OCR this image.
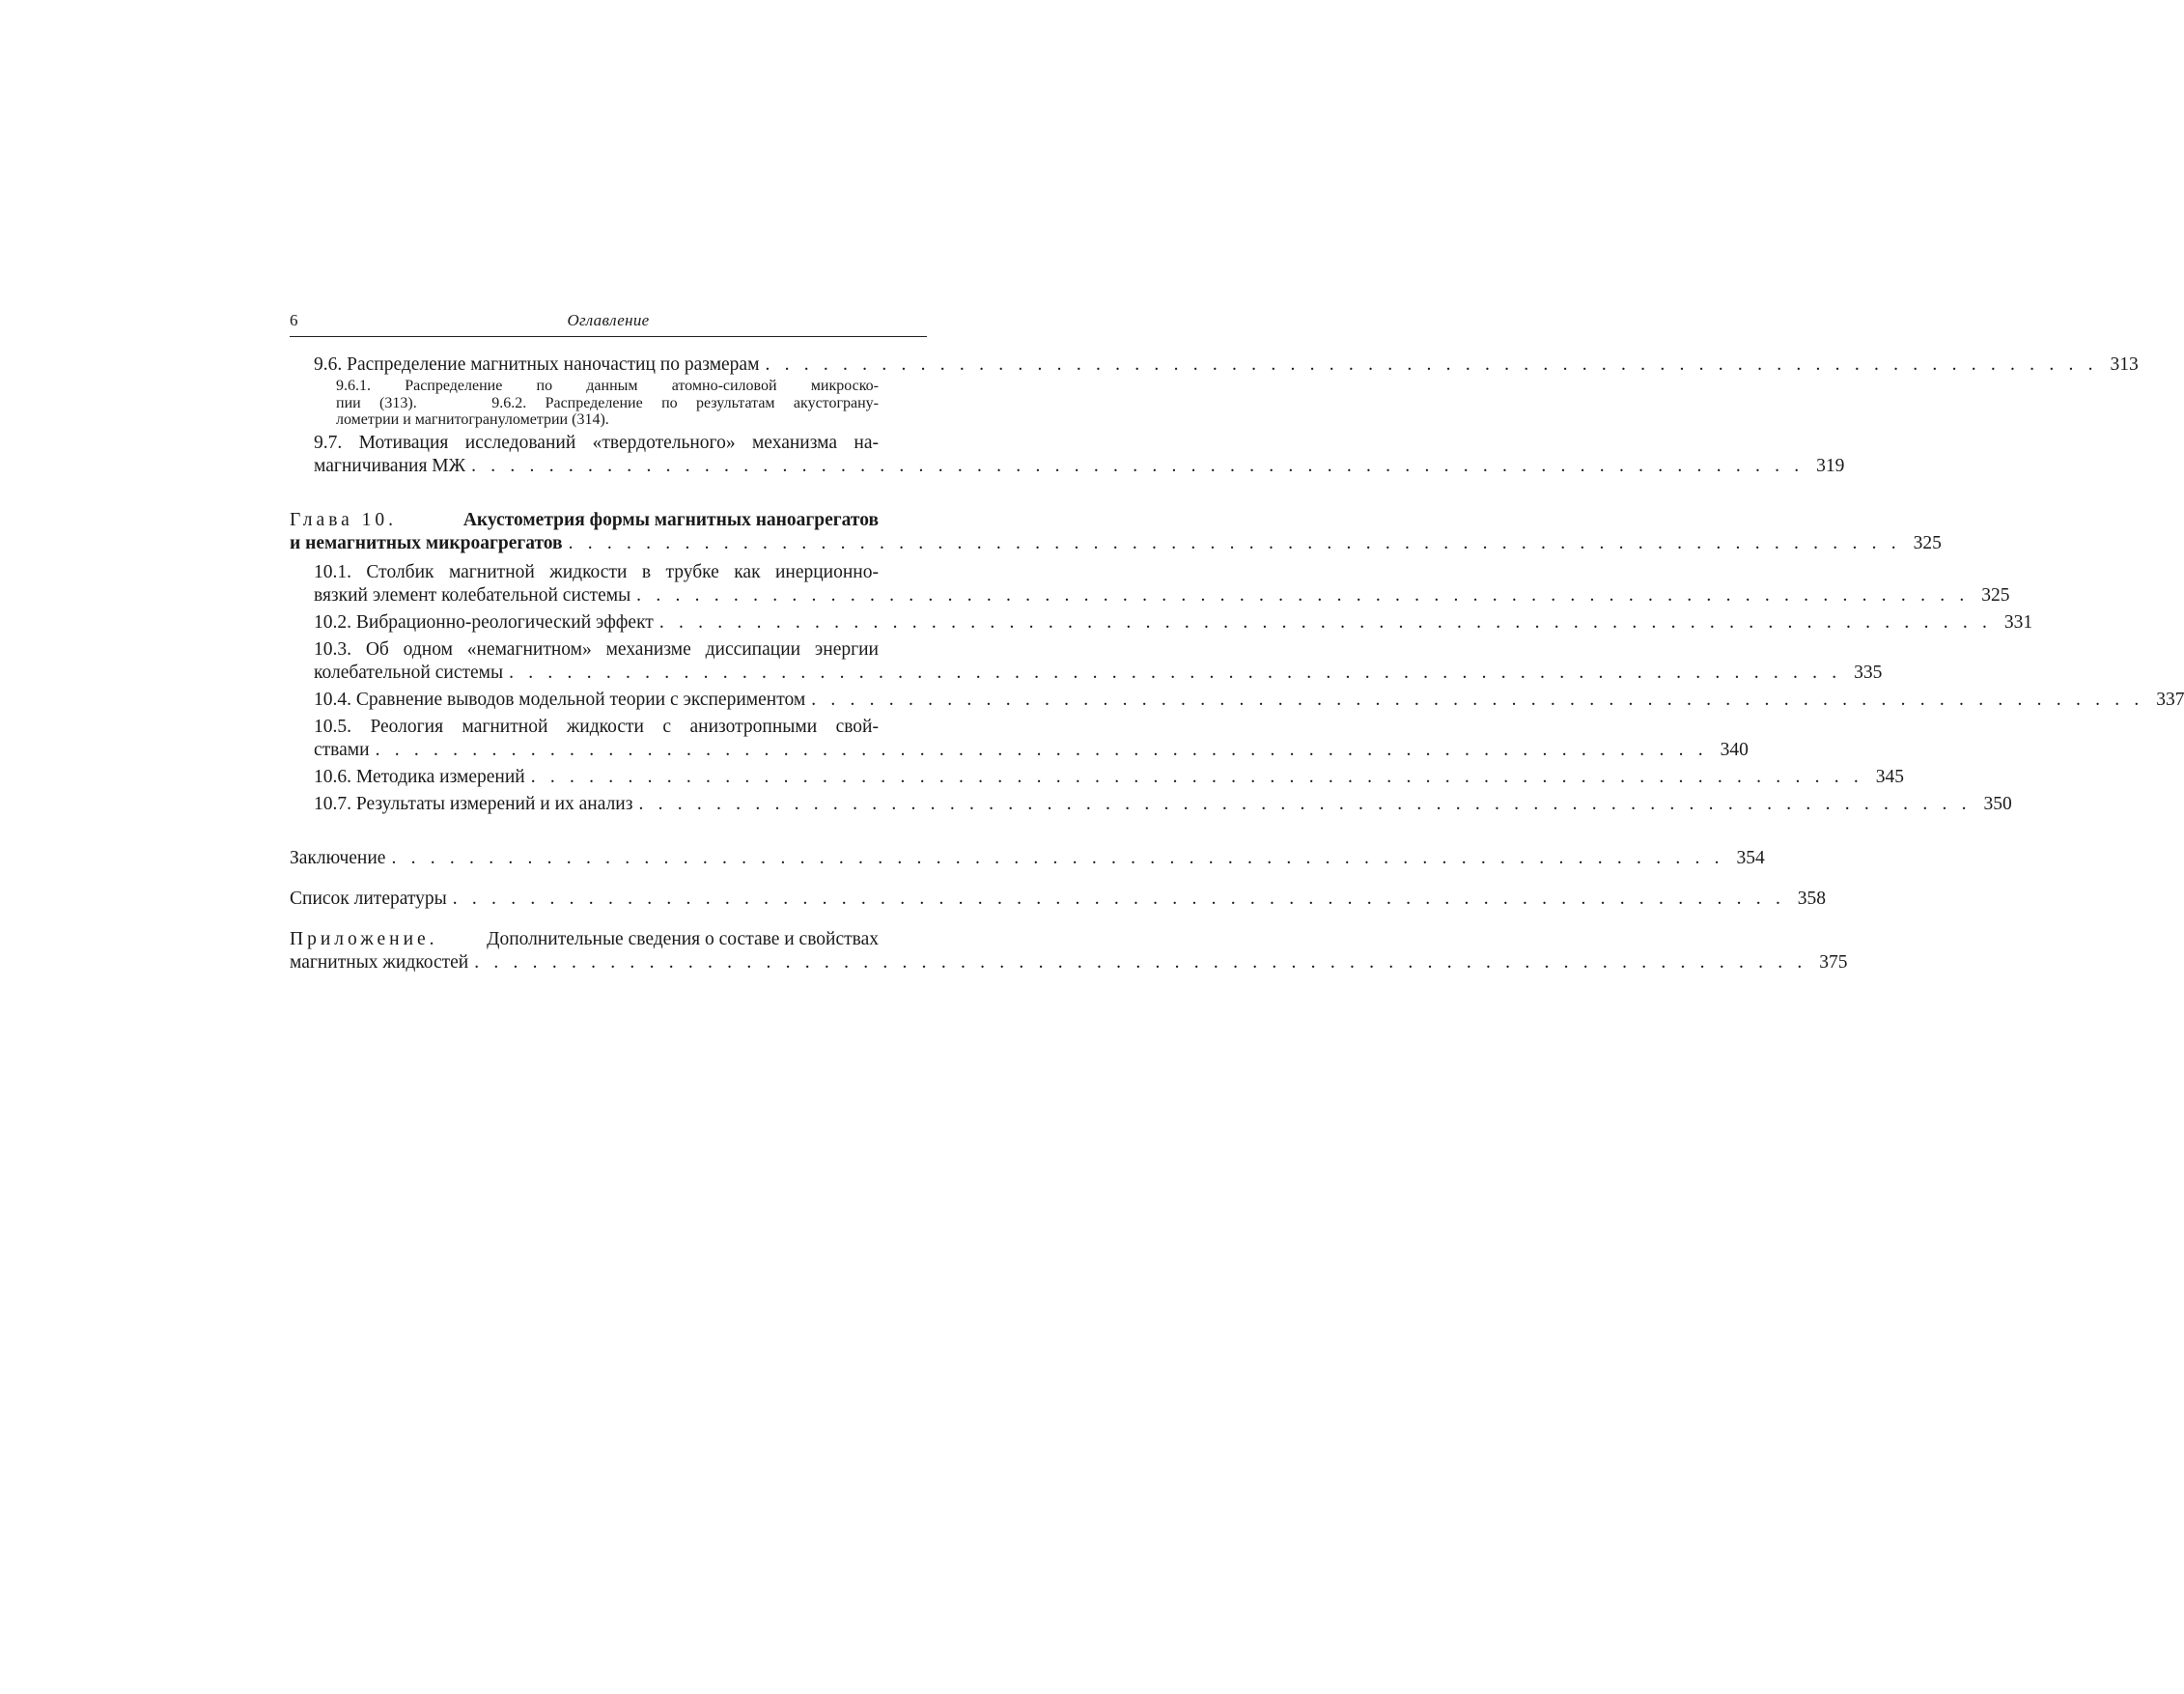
6	Оглавление
9.6. Распределение магнитных наночастиц по размерам . . . . . . . . . . . . . . . . . . . . . . . . . . . . . . . . . . . . . . . . . . . . . . . . . . . . . . . . . . . . . . . . . . . . . 313
9.6.1. Распределение по данным атомно-силовой микроско-
пии (313).    9.6.2. Распределение по результатам акустограну-
лометрии и магнитогранулометрии (314).
9.7. Мотивация исследований «твердотельного» механизма на-
магничивания МЖ . . . . . . . . . . . . . . . . . . . . . . . . . . . . . . . . . . . . . . . . . . . . . . . . . . . . . . . . . . . . . . . . . . . . . 319
Глава 10.	Акустометрия формы магнитных наноагрегатов
и немагнитных микроагрегатов . . . . . . . . . . . . . . . . . . . . . . . . . . . . . . . . . . . . . . . . . . . . . . . . . . . . . . . . . . . . . . . . . . . . . 325
10.1. Столбик магнитной жидкости в трубке как инерционно-
вязкий элемент колебательной системы . . . . . . . . . . . . . . . . . . . . . . . . . . . . . . . . . . . . . . . . . . . . . . . . . . . . . . . . . . . . . . . . . . . . . 325
10.2. Вибрационно-реологический эффект . . . . . . . . . . . . . . . . . . . . . . . . . . . . . . . . . . . . . . . . . . . . . . . . . . . . . . . . . . . . . . . . . . . . . 331
10.3. Об одном «немагнитном» механизме диссипации энергии
колебательной системы . . . . . . . . . . . . . . . . . . . . . . . . . . . . . . . . . . . . . . . . . . . . . . . . . . . . . . . . . . . . . . . . . . . . . 335
10.4. Сравнение выводов модельной теории с экспериментом . . . . . . . . . . . . . . . . . . . . . . . . . . . . . . . . . . . . . . . . . . . . . . . . . . . . . . . . . . . . . . . . . . . . . 337
10.5. Реология магнитной жидкости с анизотропными свой-
ствами . . . . . . . . . . . . . . . . . . . . . . . . . . . . . . . . . . . . . . . . . . . . . . . . . . . . . . . . . . . . . . . . . . . . . 340
10.6. Методика измерений . . . . . . . . . . . . . . . . . . . . . . . . . . . . . . . . . . . . . . . . . . . . . . . . . . . . . . . . . . . . . . . . . . . . . 345
10.7. Результаты измерений и их анализ . . . . . . . . . . . . . . . . . . . . . . . . . . . . . . . . . . . . . . . . . . . . . . . . . . . . . . . . . . . . . . . . . . . . . 350
Заключение . . . . . . . . . . . . . . . . . . . . . . . . . . . . . . . . . . . . . . . . . . . . . . . . . . . . . . . . . . . . . . . . . . . . . 354
Список литературы . . . . . . . . . . . . . . . . . . . . . . . . . . . . . . . . . . . . . . . . . . . . . . . . . . . . . . . . . . . . . . . . . . . . . 358
Приложение.	Дополнительные сведения о составе и свойствах
магнитных жидкостей . . . . . . . . . . . . . . . . . . . . . . . . . . . . . . . . . . . . . . . . . . . . . . . . . . . . . . . . . . . . . . . . . . . . . 375
